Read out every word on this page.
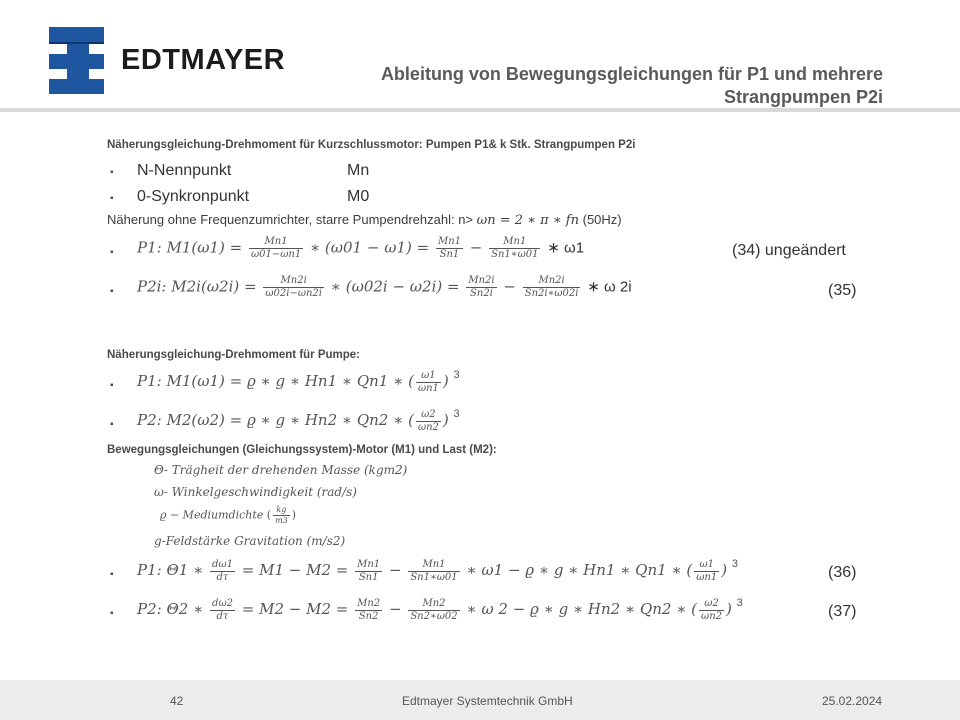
EDTMAYER	Ableitung von Bewegungsgleichungen für P1 und mehrere
Strangpumpen P2i
Näherungsgleichung-Drehmoment für Kurzschlussmotor: Pumpen P1& k Stk. Strangpumpen P2i
▪ N-Nennpunkt	Mn
▪ 0-Synkronpunkt	M0
Näherung ohne Frequenzumrichter, starre Pumpendrehzahl: n> ωn = 2 ∗ π ∗ fn (50Hz)
▪ P1: $M1(\omega 1) = \frac{Mn1}{\omega 01-\omega n1}$ ∗ $(\omega 01 - \omega 1) = \frac{Mn1}{Sn1} - \frac{Mn1}{Sn1∗\omega 01}$ ∗ ω1	(34) ungeändert
▪ P2i: $M2i(\omega 2i) = \frac{Mn2i}{\omega 02i-\omega n2i}$ ∗ $(\omega 02i - \omega 2i) = \frac{Mn2i}{Sn2i} - \frac{Mn2i}{Sn2i∗\omega 02i}$ ∗ ω 2i	(35)
Näherungsgleichung-Drehmoment für Pumpe:
▪ P1: M1(ω1) = ϱ ∗ g ∗ Hn1 ∗ Qn1 ∗ ( $\frac{\omega 1}{\omega n1}$ ) $^3$
▪ P2: M2(ω2) = ϱ ∗ g ∗ Hn2 ∗ Qn2 ∗ ( $\frac{\omega 2}{\omega n2}$ ) $^3$
Bewegungsgleichungen (Gleichungssystem)-Motor (M1) und Last (M2):
Θ- Trägheit der drehenden Masse (kgm2)
ω- Winkelgeschwindigkeit (rad/s)
ϱ − Mediumdichte ( $\frac{kg}{m3}$ )
g-Feldstärke Gravitation (m/s2)
▪ P1: Θ1 ∗ $\frac{d\omega 1}{d\tau} = M1 - M2 = \frac{Mn1}{Sn1} - \frac{Mn1}{Sn1∗\omega 01}$ ∗ ω1 − ϱ ∗ g ∗ Hn1 ∗ Qn1 ∗ ( $\frac{\omega 1}{\omega n1}$ ) $^3$	(36)
▪ P2: Θ2 ∗ $\frac{d\omega 2}{d\tau} = M2 - M2 = \frac{Mn2}{Sn2} - \frac{Mn2}{Sn2∗\omega 02}$ ∗ ω 2 − ϱ ∗ g ∗ Hn2 ∗ Qn2 ∗ ( $\frac{\omega 2}{\omega n2}$ ) $^3$	(37)
42	Edtmayer Systemtechnik GmbH	25.02.2024
